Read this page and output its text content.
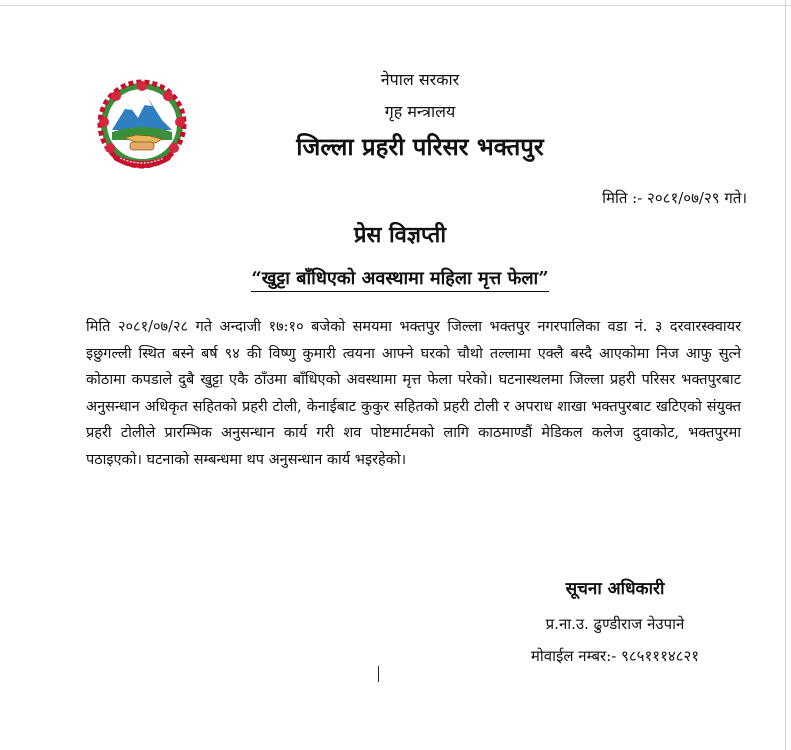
नेपाल सरकार
गृह मन्त्रालय
जिल्ला प्रहरी परिसर भक्तपुर
मिति :- २०८१/०७/२९ गते।
प्रेस विज्ञप्ती
“खुट्टा बाँधिएको अवस्थामा महिला मृत्त फेला”
मिति २०८१/०७/२८ गते अन्दाजी १७:१० बजेको समयमा भक्तपुर जिल्ला भक्तपुर नगरपालिका वडा नं. ३ दरवारस्क्वायर इछुगल्ली स्थित बस्ने बर्ष ९४ की विष्णु कुमारी त्वयना आफ्ने घरको चौथो तल्लामा एक्लै बस्दै आएकोमा निज आफु सुत्ने कोठामा कपडाले दुबै खुट्टा एकै ठाँउमा बाँधिएको अवस्थामा मृत्त फेला परेको। घटनास्थलमा जिल्ला प्रहरी परिसर भक्तपुरबाट अनुसन्धान अधिकृत सहितको प्रहरी टोली, केनाईबाट कुकुर सहितको प्रहरी टोली र अपराध शाखा भक्तपुरबाट खटिएको संयुक्त प्रहरी टोलीले प्रारम्भिक अनुसन्धान कार्य गरी शव पोष्टमार्टमको लागि काठमाण्डौं मेडिकल कलेज दुवाकोट, भक्तपुरमा पठाइएको। घटनाको सम्बन्धमा थप अनुसन्धान कार्य भइरहेको।
सूचना अधिकारी
प्र.ना.उ. ढुण्डीराज नेउपाने
मोवाईल नम्बर:- ९८५१११४८२१
